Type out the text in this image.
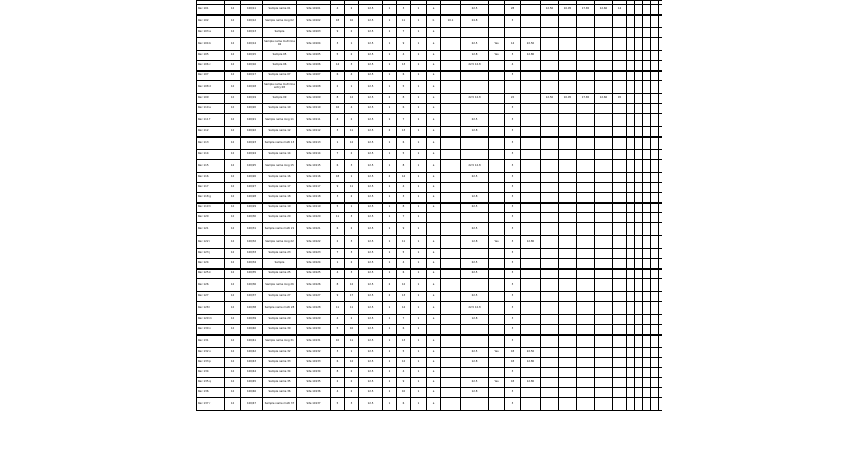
Rec 101	12	100/11	Sample name 01	Site 10101	4	2	12.5	1	3	1	a		22.5		28		12.50	10.05	17.65	12.60	14						
Rec 102	12	100/12	Sample name long 02	Site 10102	18	10	12.5	1	11	1	b	10.1	24.8		3												
Rec 103 a	12	100/13	Sample	Site 10103	9	2	12.5	1	7	1	a																
Rec 104 b	12	100/14	Sample name multi line 04	Site 10104	3	1	12.5	1	9	1	a		22.5	Yes	14	22.50											
Rec 105	12	100/15	Sample 05	Site 10105	5	2	12.5	1	4	1	a		12.8	Yes	3	12.80											
Rec 106 c	12	100/16	Sample 06	Site 10106	14	3	12.5	1	13	1	a		22.5 12.8		4												
Rec 107	12	100/17	Sample name 07	Site 10107	6	4	12.5	1	6	1	a				3												
Rec 108 d	12	100/18	Sample name multi line entry 08	Site 10108	2	1	12.5	1	5	1	a																
Rec 109	12	100/19	Sample 09	Site 10109	8	12	12.5	2	8	1	a		22.5 12.8		22		12.50	10.05	17.65	12.60	45						
Rec 110 e	12	100/20	Sample name 10	Site 10110	16	4	12.5	1	6	1	a				3												
Rec 111 f	12	100/21	Sample name long 11	Site 10111	4	2	12.5	1	7	1	a		22.5		3												
Rec 112	12	100/22	Sample name 12	Site 10112	3	11	12.5	2	13	1	a		12.8		3												
Rec 113	12	100/23	Sample name multi 13	Site 10113	1	12	12.5	1	6	1	a				3												
Rec 114	12	100/24	Sample name 14	Site 10114	7	2	12.5	1	5	1	a				3												
Rec 115	12	100/25	Sample name long 15	Site 10115	6	3	12.5	1	8	1	a		22.5 12.8		3												
Rec 116	12	100/26	Sample name 16	Site 10116	18	1	12.5	2	14	1	a		22.5		3												
Rec 117	12	100/27	Sample name 17	Site 10117	9	11	12.5	1	4	1	a				3												
Rec 118 g	12	100/28	Sample name 18	Site 10118	3	2	12.5	1	3	1	a		12.8		3												
Rec 119 h	12	100/29	Sample name 19	Site 10119	5	1	12.5	1	8	1	a		22.5		3												
Rec 120	12	100/30	Sample name 20	Site 10120	11	3	12.5	1	7	1					3												
Rec 121	12	100/31	Sample name multi 21	Site 10121	6	2	12.5	1	9	1			22.5		3												
Rec 122 i	12	100/32	Sample name long 22	Site 10122	2	3	12.5	1	11	1	a		12.8	Yes	3	12.80											
Rec 123 j	12	100/33	Sample name 23	Site 10123	7	3	12.5	1	5	1	a				3												
Rec 124	12	100/34	Sample	Site 10124	1	2	12.5	1	4	1	a		22.5		3												
Rec 125 k	12	100/35	Sample name 25	Site 10125	4	3	12.5	1	6	1	a		22.5		3												
Rec 126	12	100/36	Sample name long 26	Site 10126	8	12	12.5	2	12	1	a				3												
Rec 127	12	100/37	Sample name 27	Site 10127	9	17	12.5	2	13	1	a		22.5		3												
Rec 128 l	12	100/38	Sample name multi 28	Site 10128	11	11	12.5	1	14	1	a		22.5 12.8		3												
Rec 129 m	12	100/39	Sample name 29	Site 10129	4	2	12.5	1	7	1	a		12.8		3												
Rec 130 n	12	100/40	Sample name 30	Site 10130	5	10	12.5	1	6	1					3												
Rec 131	12	100/41	Sample name long 31	Site 10131	10	11	12.5	1	13	1	a				3												
Rec 132 o	12	100/42	Sample name 32	Site 10132	3	1	12.5	1	5	1	a		22.5	Yes	18	22.50											
Rec 133 p	12	100/43	Sample name 33	Site 10133	6	12	12.5	1	12	1	a		12.8		18	12.80											
Rec 134	12	100/44	Sample name 34	Site 10134	8	2	12.5	1	4	1	a				3												
Rec 135 q	12	100/45	Sample name 35	Site 10135	2	2	12.5	1	9	1	a		22.5	Yes	18	12.80											
Rec 136	12	100/46	Sample name 36	Site 10136	4	2	12.5	1	10	1	a		12.8		3												
Rec 137 r	12	100/47	Sample name multi 37	Site 10137	5	3	12.5	1	6	1	a				3												
